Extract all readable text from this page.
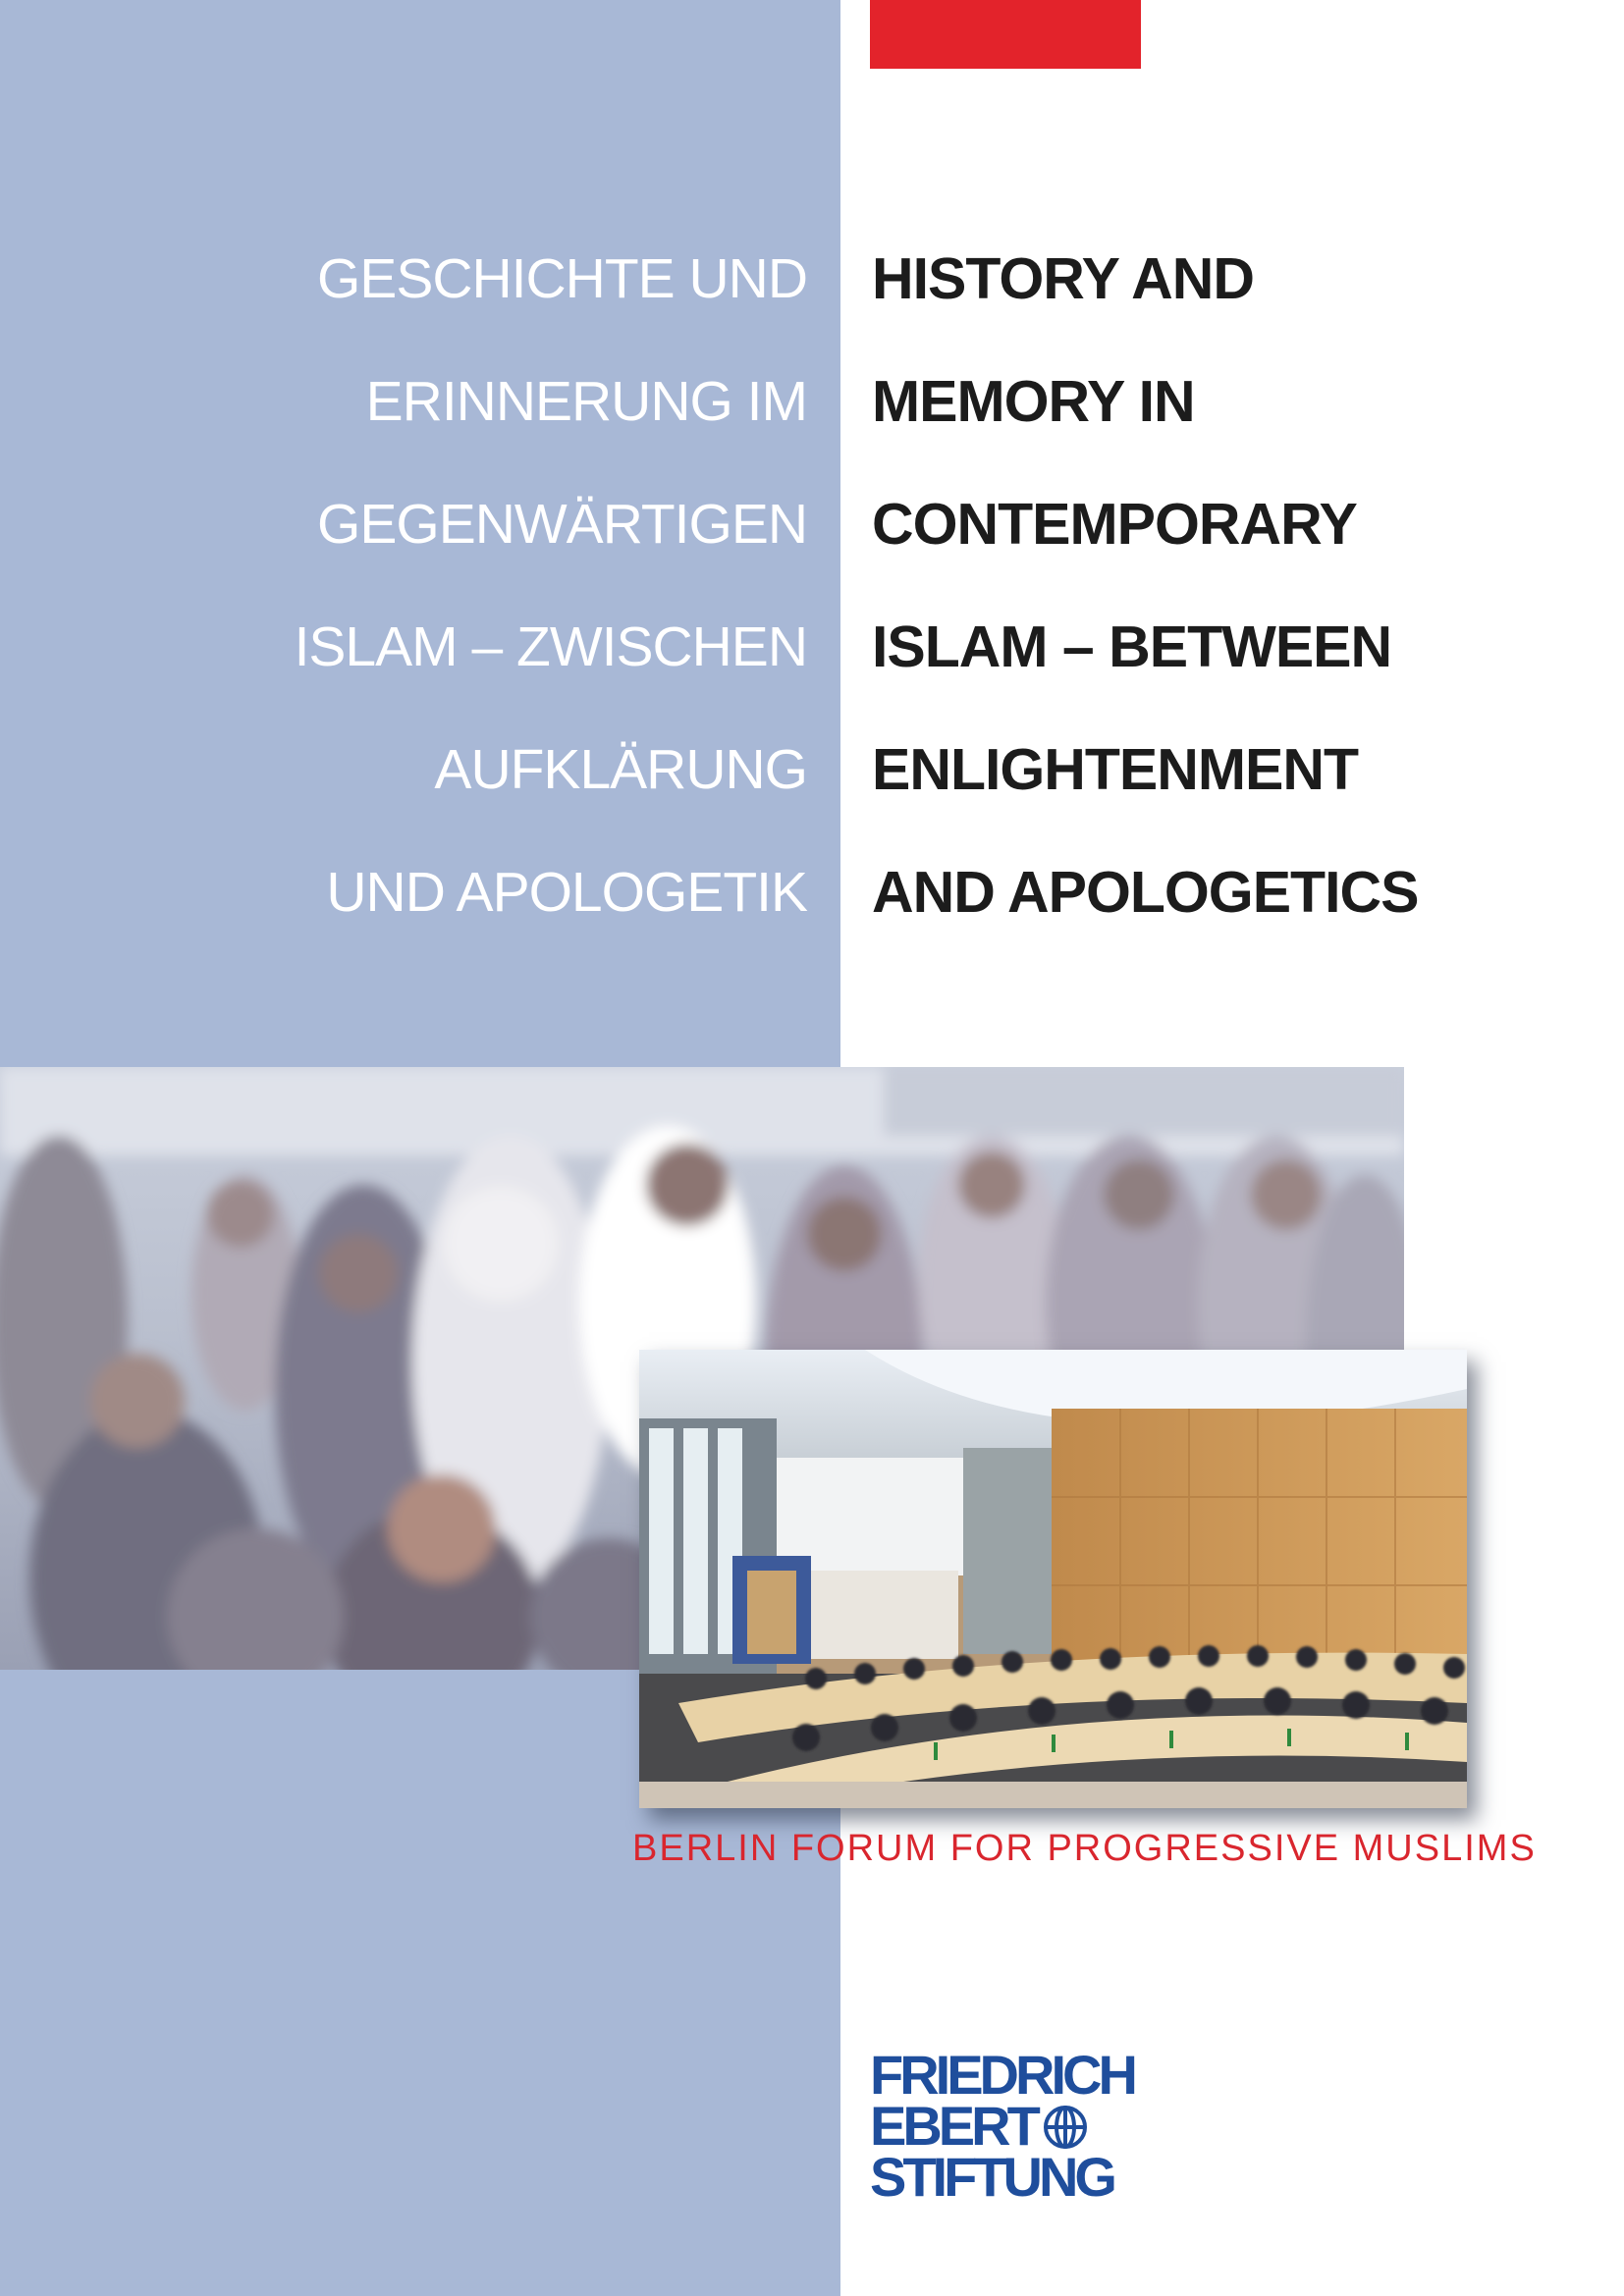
GESCHICHTE UND
ERINNERUNG IM
GEGENWÄRTIGEN
ISLAM – ZWISCHEN
AUFKLÄRUNG
UND APOLOGETIK
HISTORY AND
MEMORY IN
CONTEMPORARY
ISLAM – BETWEEN
ENLIGHTENMENT
AND APOLOGETICS
BERLIN FORUM FOR PROGRESSIVE MUSLIMS
FRIEDRICH
EBERT
STIFTUNG
